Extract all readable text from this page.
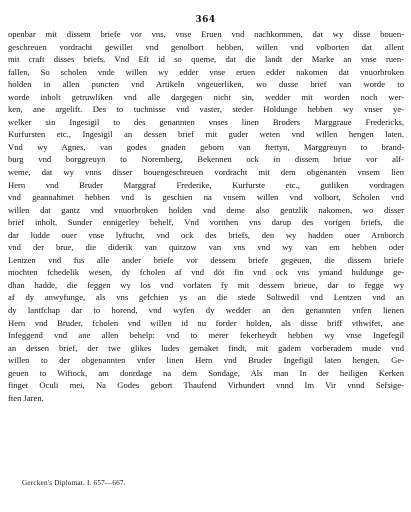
364
openbar mit dissem briefe vor vns, vnse Eruen vnd nachkommen, dat wy disse bouen-
geschreuen vordracht gewillet vnd genolbort hebben, willen vnd volborten dat allent
mit craft disses briefs. Vnd Eft id so queme, dat die landt der Marke an vnse ruen-
fallen, So scholen vnde willen wy edder vnse eruen edder nakomen dat vnuorbroken
holden in allen puncten vnd Artikeln vngeuerliken, wo dusse brief van worde to
worde inholt getruwliken vnd alle dargegen nicht sin, wedder mit worden noch wer-
ken, ane argelift. Des to tuchnisse vnd vaster, steder Holdunge hebben wy vnser ye-
welker sin Ingesigil to des genannten vnses linen Broders Marggraue Fredericks,
Kurfursten etc., Ingesigil an dessen brief mit guder weten vnd willen hengen laten.
Vnd wy Agnes, van godes gnaden geborn van ftettyn, Marggreuyn to brand-
burg vnd borggreuyn to Noremberg, Bekennen ock in dissem briue vor alf-
weme, dat wy vnns disser bouengeschreuen vordracht mit dem obgenanten vnsem lien
Hern vnd Bruder Marggraf Frederike, Kurfurste etc., gutliken vordragen
vnd geannahmet hebben vnd is geschien na vnsem willen vnd volbort, Scholen vnd
willen dat gantz vnd vnuorbroken holden vnd deme also gentzlik nakomen, wo disser
brief inholt, Sunder ennigerley behelf, Vnd vortthen vns darup des vorigen briefs, die
dar ludde ouer vnse lyftucht, vnd ock des briefs, den wy hadden ouer Arnborch
vnd der brue, die diderik van quitzow van vns vnd wy van em hebben oder
Lentzen vnd fus alle ander briefe vor dessem briefe gegeuen, die dissem briefe
mochten fchedelik wesen, dy fcholen af vnd döt fin vnd ock vns ymand huldunge ge-
dhan hadde, die feggen wy los vnd vorlaten fy mit dessem brieue, dar to fegge wy
af dy anwyfunge, als vns gefchien ys an die stede Soltwedil vnd Lentzen vnd an
dy lantfchap dar to horend, vnd wyfen dy wedder an den genannten vnfen lienen
Hern vnd Bruder, fcholen vnd willen id nu forder holden, als disse briff vthwifet, ane
Infeggend vnd ane allen behelp: vnd to merer fekerheydt hebben wy vnse Ingefegil
an dessen brief, der twe glikes ludes gemaket findt, mit gadem vorberadem mude vnd
willen to der obgenannten vnfer linen Hern vnd Bruder Ingefigil laten hengen. Ge-
geuen to Wiftock, am donrdage na dem Sondage, Als man In der heiligen Kerken
finget Oculi mei, Na Godes gebort Thaufend Virhundert vnnd Im Vir vnnd Sefsige-
ften Jaren.
Gercken's Diplomat. I. 657—667.
